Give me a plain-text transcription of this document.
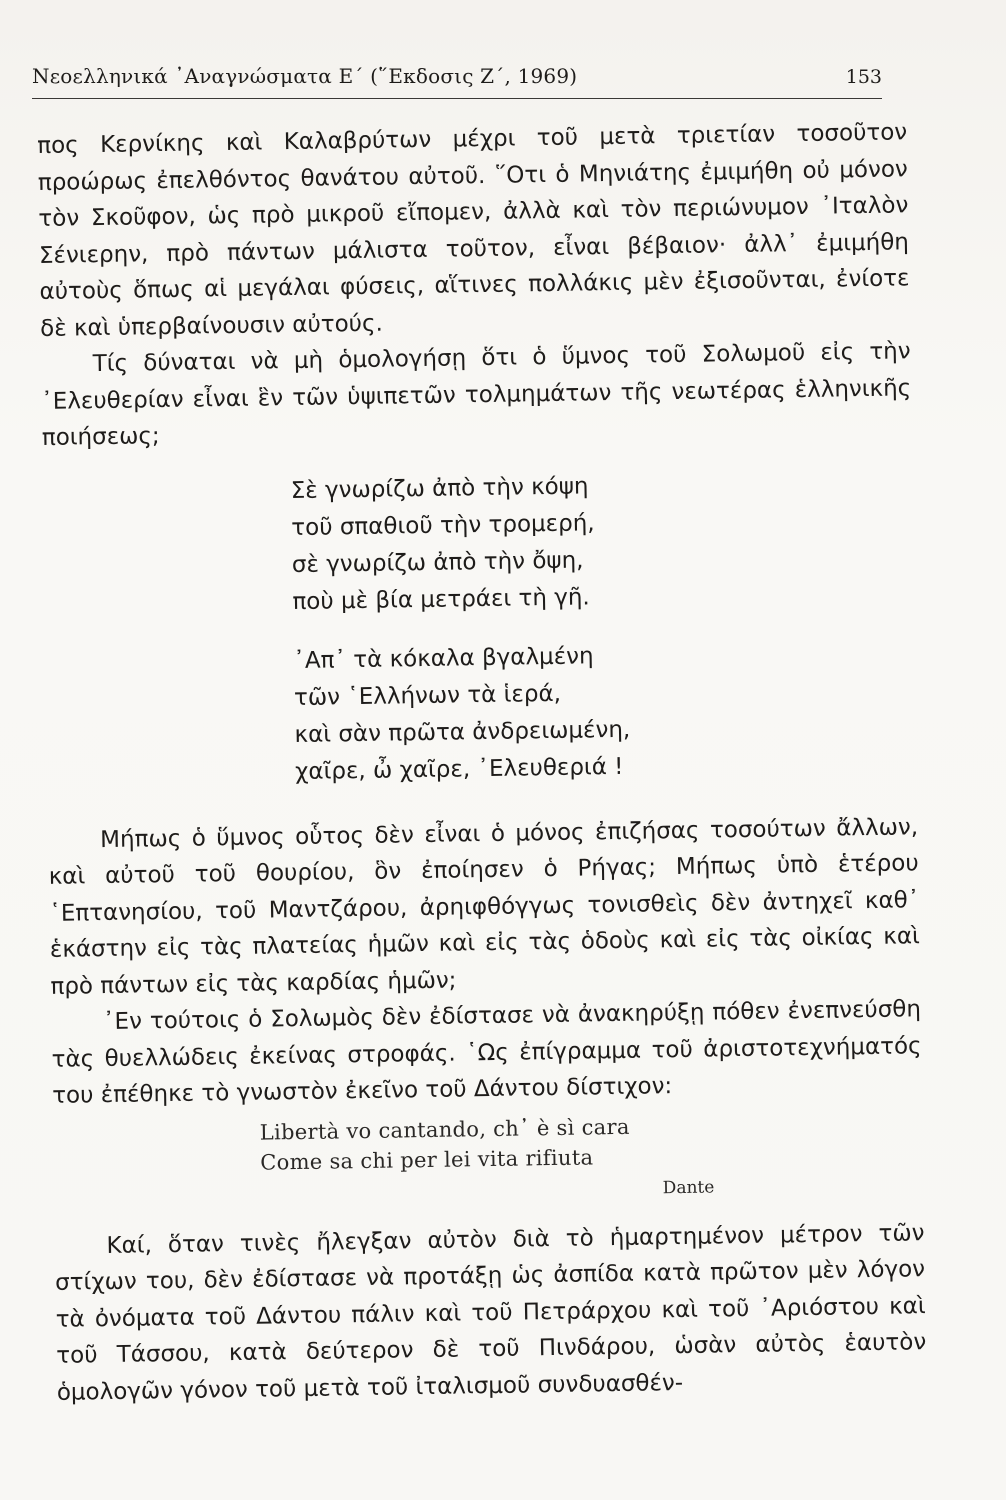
Νεοελληνικά ᾿Αναγνώσματα Ε΄ (῞Εκδοσις Ζ΄, 1969)	153

πος Κερνίκης καὶ Καλαβρύτων μέχρι τοῦ μετὰ τριετίαν τοσοῦτον προώρως ἐπελθόντος θανάτου αὐτοῦ. ῞Οτι ὁ Μηνιάτης ἐμιμήθη οὐ μόνον τὸν Σκοῦφον, ὡς πρὸ μικροῦ εἴπομεν, ἀλλὰ καὶ τὸν περιώνυμον ᾿Ιταλὸν Σένιερην, πρὸ πάντων μάλιστα τοῦτον, εἶναι βέβαιον· ἀλλ᾿ ἐμιμήθη αὐτοὺς ὅπως αἱ μεγάλαι φύσεις, αἵτινες πολλάκις μὲν ἐξισοῦνται, ἐνίοτε δὲ καὶ ὑπερβαίνουσιν αὐτούς.

Τίς δύναται νὰ μὴ ὁμολογήσῃ ὅτι ὁ ὕμνος τοῦ Σολωμοῦ εἰς τὴν ᾿Ελευθερίαν εἶναι ἓν τῶν ὑψιπετῶν τολμημάτων τῆς νεωτέρας ἑλληνικῆς ποιήσεως;

Σὲ γνωρίζω ἀπὸ τὴν κόψη
τοῦ σπαθιοῦ τὴν τρομερή,
σὲ γνωρίζω ἀπὸ τὴν ὄψη,
ποὺ μὲ βία μετράει τὴ γῆ.
᾿Απ᾿ τὰ κόκαλα βγαλμένη
τῶν ῾Ελλήνων τὰ ἱερά,
καὶ σὰν πρῶτα ἀνδρειωμένη,
χαῖρε, ὦ χαῖρε, ᾿Ελευθεριά !

Μήπως ὁ ὕμνος οὗτος δὲν εἶναι ὁ μόνος ἐπιζήσας τοσούτων ἄλλων, καὶ αὐτοῦ τοῦ θουρίου, ὃν ἐποίησεν ὁ Ρήγας; Μήπως ὑπὸ ἑτέρου ῾Επτανησίου, τοῦ Μαντζάρου, ἀρηιφθόγγως τονισθεὶς δὲν ἀντηχεῖ καθ᾿ ἑκάστην εἰς τὰς πλατείας ἡμῶν καὶ εἰς τὰς ὁδοὺς καὶ εἰς τὰς οἰκίας καὶ πρὸ πάντων εἰς τὰς καρδίας ἡμῶν;

᾿Εν τούτοις ὁ Σολωμὸς δὲν ἐδίστασε νὰ ἀνακηρύξῃ πόθεν ἐνεπνεύσθη τὰς θυελλώδεις ἐκείνας στροφάς. ῾Ως ἐπίγραμμα τοῦ ἀριστοτεχνήματός του ἐπέθηκε τὸ γνωστὸν ἐκεῖνο τοῦ Δάντου δίστιχον:

Libertà vo cantando, ch᾿ è sì cara
Come sa chi per lei vita rifiuta
Dante

Καί, ὅταν τινὲς ἤλεγξαν αὐτὸν διὰ τὸ ἡμαρτημένον μέτρον τῶν στίχων του, δὲν ἐδίστασε νὰ προτάξῃ ὡς ἀσπίδα κατὰ πρῶτον μὲν λόγον τὰ ὀνόματα τοῦ Δάντου πάλιν καὶ τοῦ Πετράρχου καὶ τοῦ ᾿Αριόστου καὶ τοῦ Τάσσου, κατὰ δεύτερον δὲ τοῦ Πινδάρου, ὡσὰν αὐτὸς ἑαυτὸν ὁμολογῶν γόνον τοῦ μετὰ τοῦ ἰταλισμοῦ συνδυασθέν-
